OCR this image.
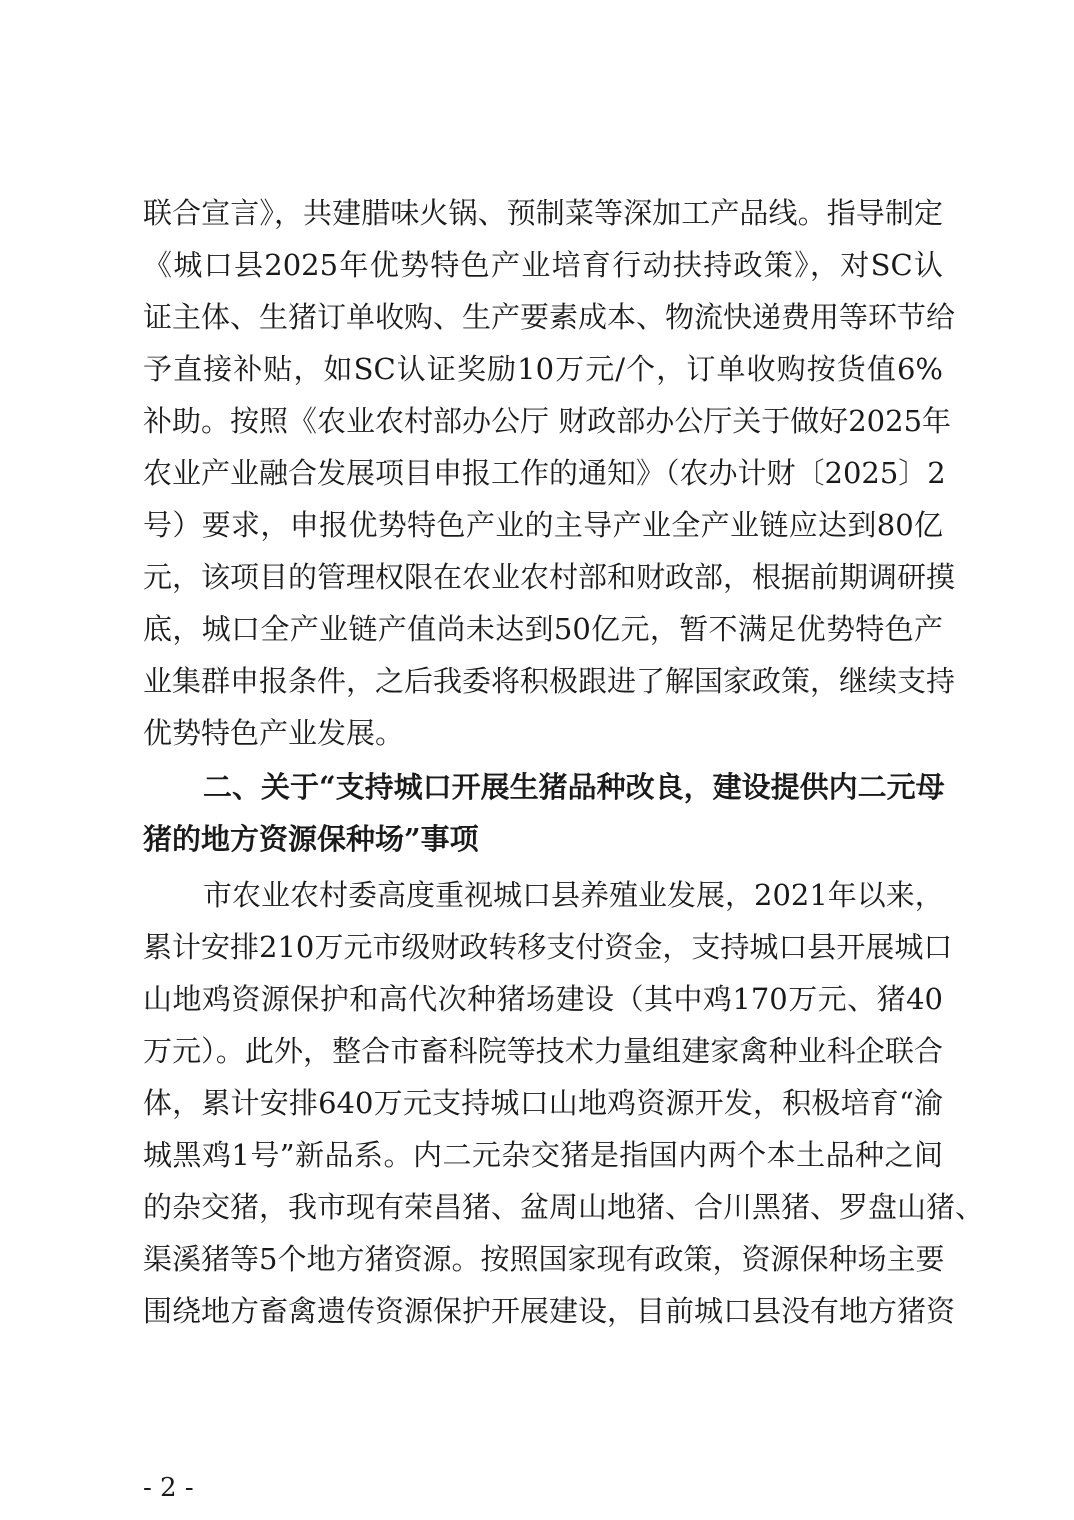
联合宣言》，共建腊味火锅、预制菜等深加工产品线。指导制定
《城口县2025年优势特色产业培育行动扶持政策》，对SC认
证主体、生猪订单收购、生产要素成本、物流快递费用等环节给
予直接补贴，如SC认证奖励10万元/个，订单收购按货值6%
补助。按照《农业农村部办公厅 财政部办公厅关于做好2025年
农业产业融合发展项目申报工作的通知》（农办计财〔2025〕2
号）要求，申报优势特色产业的主导产业全产业链应达到80亿
元，该项目的管理权限在农业农村部和财政部，根据前期调研摸
底，城口全产业链产值尚未达到50亿元，暂不满足优势特色产
业集群申报条件，之后我委将积极跟进了解国家政策，继续支持
优势特色产业发展。
二、关于“支持城口开展生猪品种改良，建设提供内二元母
猪的地方资源保种场”事项
市农业农村委高度重视城口县养殖业发展，2021年以来，
累计安排210万元市级财政转移支付资金，支持城口县开展城口
山地鸡资源保护和高代次种猪场建设（其中鸡170万元、猪40
万元）。此外，整合市畜科院等技术力量组建家禽种业科企联合
体，累计安排640万元支持城口山地鸡资源开发，积极培育“渝
城黑鸡1号”新品系。内二元杂交猪是指国内两个本土品种之间
的杂交猪，我市现有荣昌猪、盆周山地猪、合川黑猪、罗盘山猪、
渠溪猪等5个地方猪资源。按照国家现有政策，资源保种场主要
围绕地方畜禽遗传资源保护开展建设，目前城口县没有地方猪资
- 2 -
